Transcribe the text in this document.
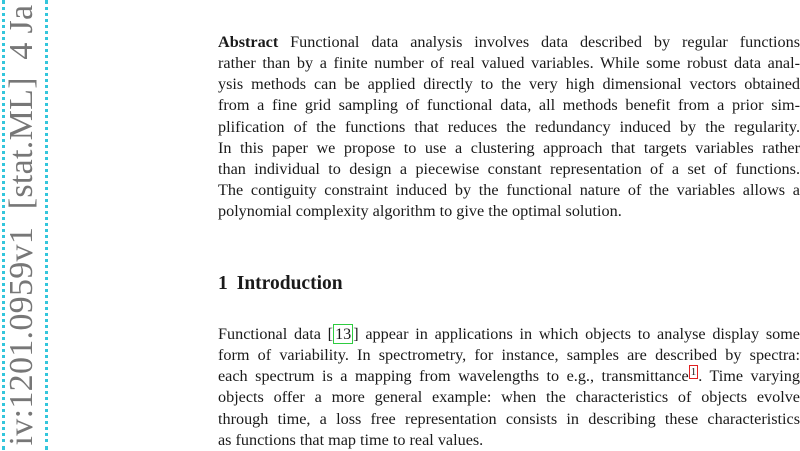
iv:1201.0959v1  [stat.ML]  4 Ja	Abstract Functional data analysis involves data described by regular functions
rather than by a finite number of real valued variables. While some robust data anal-
ysis methods can be applied directly to the very high dimensional vectors obtained
from a fine grid sampling of functional data, all methods benefit from a prior sim-
plification of the functions that reduces the redundancy induced by the regularity.
In this paper we propose to use a clustering approach that targets variables rather
than individual to design a piecewise constant representation of a set of functions.
The contiguity constraint induced by the functional nature of the variables allows a
polynomial complexity algorithm to give the optimal solution.
1 Introduction
Functional data [ 13 ] appear in applications in which objects to analyse display some
form of variability. In spectrometry, for instance, samples are described by spectra:
each spectrum is a mapping from wavelengths to e.g., transmittance $^1$ . Time varying
objects offer a more general example: when the characteristics of objects evolve
through time, a loss free representation consists in describing these characteristics
as functions that map time to real values.
